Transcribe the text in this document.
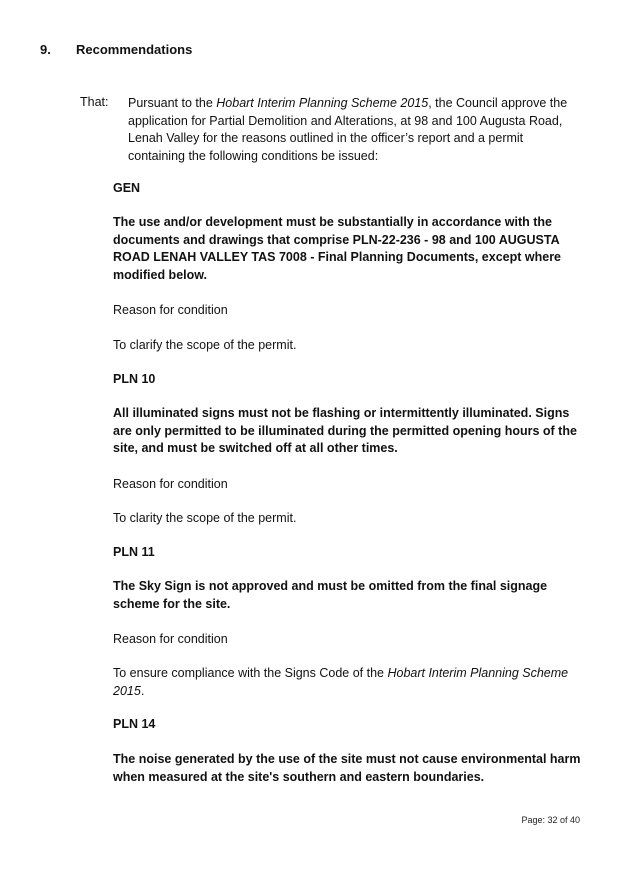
9. Recommendations
That: Pursuant to the Hobart Interim Planning Scheme 2015, the Council approve the application for Partial Demolition and Alterations, at 98 and 100 Augusta Road, Lenah Valley for the reasons outlined in the officer’s report and a permit containing the following conditions be issued:
GEN
The use and/or development must be substantially in accordance with the documents and drawings that comprise PLN-22-236 - 98 and 100 AUGUSTA ROAD LENAH VALLEY TAS 7008 - Final Planning Documents, except where modified below.
Reason for condition
To clarify the scope of the permit.
PLN 10
All illuminated signs must not be flashing or intermittently illuminated. Signs are only permitted to be illuminated during the permitted opening hours of the site, and must be switched off at all other times.
Reason for condition
To clarity the scope of the permit.
PLN 11
The Sky Sign is not approved and must be omitted from the final signage scheme for the site.
Reason for condition
To ensure compliance with the Signs Code of the Hobart Interim Planning Scheme 2015.
PLN 14
The noise generated by the use of the site must not cause environmental harm when measured at the site's southern and eastern boundaries.
Page: 32 of 40
